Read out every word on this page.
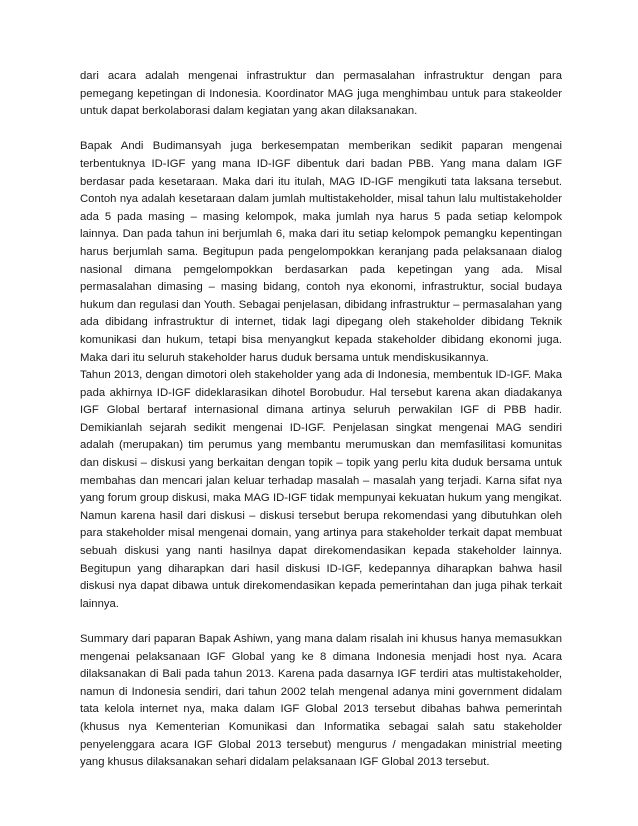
dari acara adalah mengenai infrastruktur dan permasalahan infrastruktur dengan para pemegang kepetingan di Indonesia. Koordinator MAG juga menghimbau untuk para stakeolder untuk dapat berkolaborasi dalam kegiatan yang akan dilaksanakan.

Bapak Andi Budimansyah juga berkesempatan memberikan sedikit paparan mengenai terbentuknya ID-IGF yang mana ID-IGF dibentuk dari badan PBB. Yang mana dalam IGF berdasar pada kesetaraan. Maka dari itu itulah, MAG ID-IGF mengikuti tata laksana tersebut. Contoh nya adalah kesetaraan dalam jumlah multistakeholder, misal tahun lalu multistakeholder ada 5 pada masing – masing kelompok, maka jumlah nya harus 5 pada setiap kelompok lainnya. Dan pada tahun ini berjumlah 6, maka dari itu setiap kelompok pemangku kepentingan harus berjumlah sama. Begitupun pada pengelompokkan keranjang pada pelaksanaan dialog nasional dimana pemgelompokkan berdasarkan pada kepetingan yang ada. Misal permasalahan dimasing – masing bidang, contoh nya ekonomi, infrastruktur, social budaya hukum dan regulasi dan Youth. Sebagai penjelasan, dibidang infrastruktur – permasalahan yang ada dibidang infrastruktur di internet, tidak lagi dipegang oleh stakeholder dibidang Teknik komunikasi dan hukum, tetapi bisa menyangkut kepada stakeholder dibidang ekonomi juga. Maka dari itu seluruh stakeholder harus duduk bersama untuk mendiskusikannya.

Tahun 2013, dengan dimotori oleh stakeholder yang ada di Indonesia, membentuk ID-IGF. Maka pada akhirnya ID-IGF dideklarasikan dihotel Borobudur. Hal tersebut karena akan diadakanya IGF Global bertaraf internasional dimana artinya seluruh perwakilan IGF di PBB hadir. Demikianlah sejarah sedikit mengenai ID-IGF. Penjelasan singkat mengenai MAG sendiri adalah (merupakan) tim perumus yang membantu merumuskan dan memfasilitasi komunitas dan diskusi – diskusi yang berkaitan dengan topik – topik yang perlu kita duduk bersama untuk membahas dan mencari jalan keluar terhadap masalah – masalah yang terjadi. Karna sifat nya yang forum group diskusi, maka MAG ID-IGF tidak mempunyai kekuatan hukum yang mengikat. Namun karena hasil dari diskusi – diskusi tersebut berupa rekomendasi yang dibutuhkan oleh para stakeholder misal mengenai domain, yang artinya para stakeholder terkait dapat membuat sebuah diskusi yang nanti hasilnya dapat direkomendasikan kepada stakeholder lainnya. Begitupun yang diharapkan dari hasil diskusi ID-IGF, kedepannya diharapkan bahwa hasil diskusi nya dapat dibawa untuk direkomendasikan kepada pemerintahan dan juga pihak terkait lainnya.

Summary dari paparan Bapak Ashiwn, yang mana dalam risalah ini khusus hanya memasukkan mengenai pelaksanaan IGF Global yang ke 8 dimana Indonesia menjadi host nya. Acara dilaksanakan di Bali pada tahun 2013. Karena pada dasarnya IGF terdiri atas multistakeholder, namun di Indonesia sendiri, dari tahun 2002 telah mengenal adanya mini government didalam tata kelola internet nya, maka dalam IGF Global 2013 tersebut dibahas bahwa pemerintah (khusus nya Kementerian Komunikasi dan Informatika sebagai salah satu stakeholder penyelenggara acara IGF Global 2013 tersebut) mengurus / mengadakan ministrial meeting yang khusus dilaksanakan sehari didalam pelaksanaan IGF Global 2013 tersebut.
